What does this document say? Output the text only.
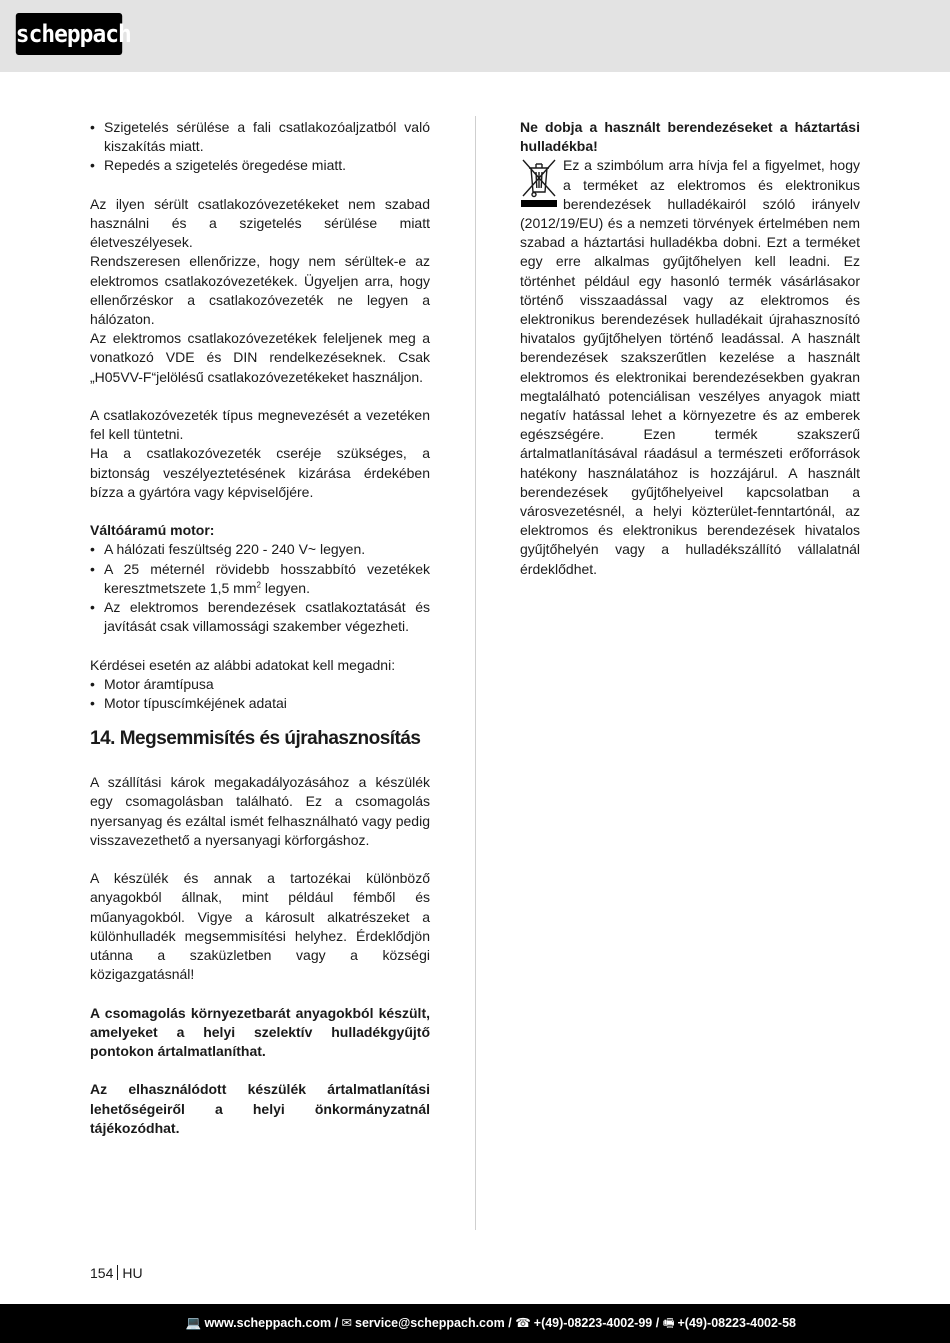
scheppach
• Szigetelés sérülése a fali csatlakozóaljzatból való kiszakítás miatt.
• Repedés a szigetelés öregedése miatt.

Az ilyen sérült csatlakozóvezetékeket nem szabad használni és a szigetelés sérülése miatt életveszélyesek.

Rendszeresen ellenőrizze, hogy nem sérültek-e az elektromos csatlakozóvezetékek. Ügyeljen arra, hogy ellenőrzéskor a csatlakozóvezeték ne legyen a hálózaton.

Az elektromos csatlakozóvezetékek feleljenek meg a vonatkozó VDE és DIN rendelkezéseknek. Csak „H05VV-F“jelölésű csatlakozóvezetékeket használjon.

A csatlakozóvezeték típus megnevezését a vezetéken fel kell tüntetni.

Ha a csatlakozóvezeték cseréje szükséges, a biztonság veszélyeztetésének kizárása érdekében bízza a gyártóra vagy képviselőjére.

Váltóáramú motor:

• A hálózati feszültség 220 - 240 V~ legyen.
• A 25 méternél rövidebb hosszabbító vezetékek keresztmetszete 1,5 $mm^2$ legyen.
• Az elektromos berendezések csatlakoztatását és javítását csak villamossági szakember végezheti.

Kérdései esetén az alábbi adatokat kell megadni:

• Motor áramtípusa
• Motor típuscímkéjének adatai
14. Megsemmisítés és újrahasznosítás

A szállítási károk megakadályozásához a készülék egy csomagolásban található. Ez a csomagolás nyersanyag és ezáltal ismét felhasználható vagy pedig visszavezethető a nyersanyagi körforgáshoz.

A készülék és annak a tartozékai különböző anyagokból állnak, mint például fémből és műanyagokból. Vigye a károsult alkatrészeket a különhulladék megsemmisítési helyhez. Érdeklődjön utánna a szaküzletben vagy a községi közigazgatásnál!

A csomagolás környezetbarát anyagokból készült, amelyeket a helyi szelektív hulladékgyűjtő pontokon ártalmatlaníthat.

Az elhasználódott készülék ártalmatlanítási lehetőségeiről a helyi önkormányzatnál tájékozódhat.

Ne dobja a használt berendezéseket a háztartási hulladékba!

Ez a szimbólum arra hívja fel a figyelmet, hogy a terméket az elektromos és elektronikus berendezések hulladékairól szóló irányelv (2012/19/EU) és a nemzeti törvények értelmében nem szabad a háztartási hulladékba dobni. Ezt a terméket egy erre alkalmas gyűjtőhelyen kell leadni. Ez történhet például egy hasonló termék vásárlásakor történő visszaadással vagy az elektromos és elektronikus berendezések hulladékait újrahasznosító hivatalos gyűjtőhelyen történő leadással. A használt berendezések szakszerűtlen kezelése a használt elektromos és elektronikai berendezésekben gyakran megtalálható potenciálisan veszélyes anyagok miatt negatív hatással lehet a környezetre és az emberek egészségére. Ezen termék szakszerű ártalmatlanításával ráadásul a természeti erőforrások hatékony használatához is hozzájárul. A használt berendezések gyűjtőhelyeivel kapcsolatban a városvezetésnél, a helyi közterület-fenntartónál, az elektromos és elektronikus berendezések hivatalos gyűjtőhelyén vagy a hulladékszállító vállalatnál érdeklődhet.

154 HU
💻 www.scheppach.com / ✉ service@scheppach.com / ☎ +(49)-08223-4002-99 / 🖷 +(49)-08223-4002-58
